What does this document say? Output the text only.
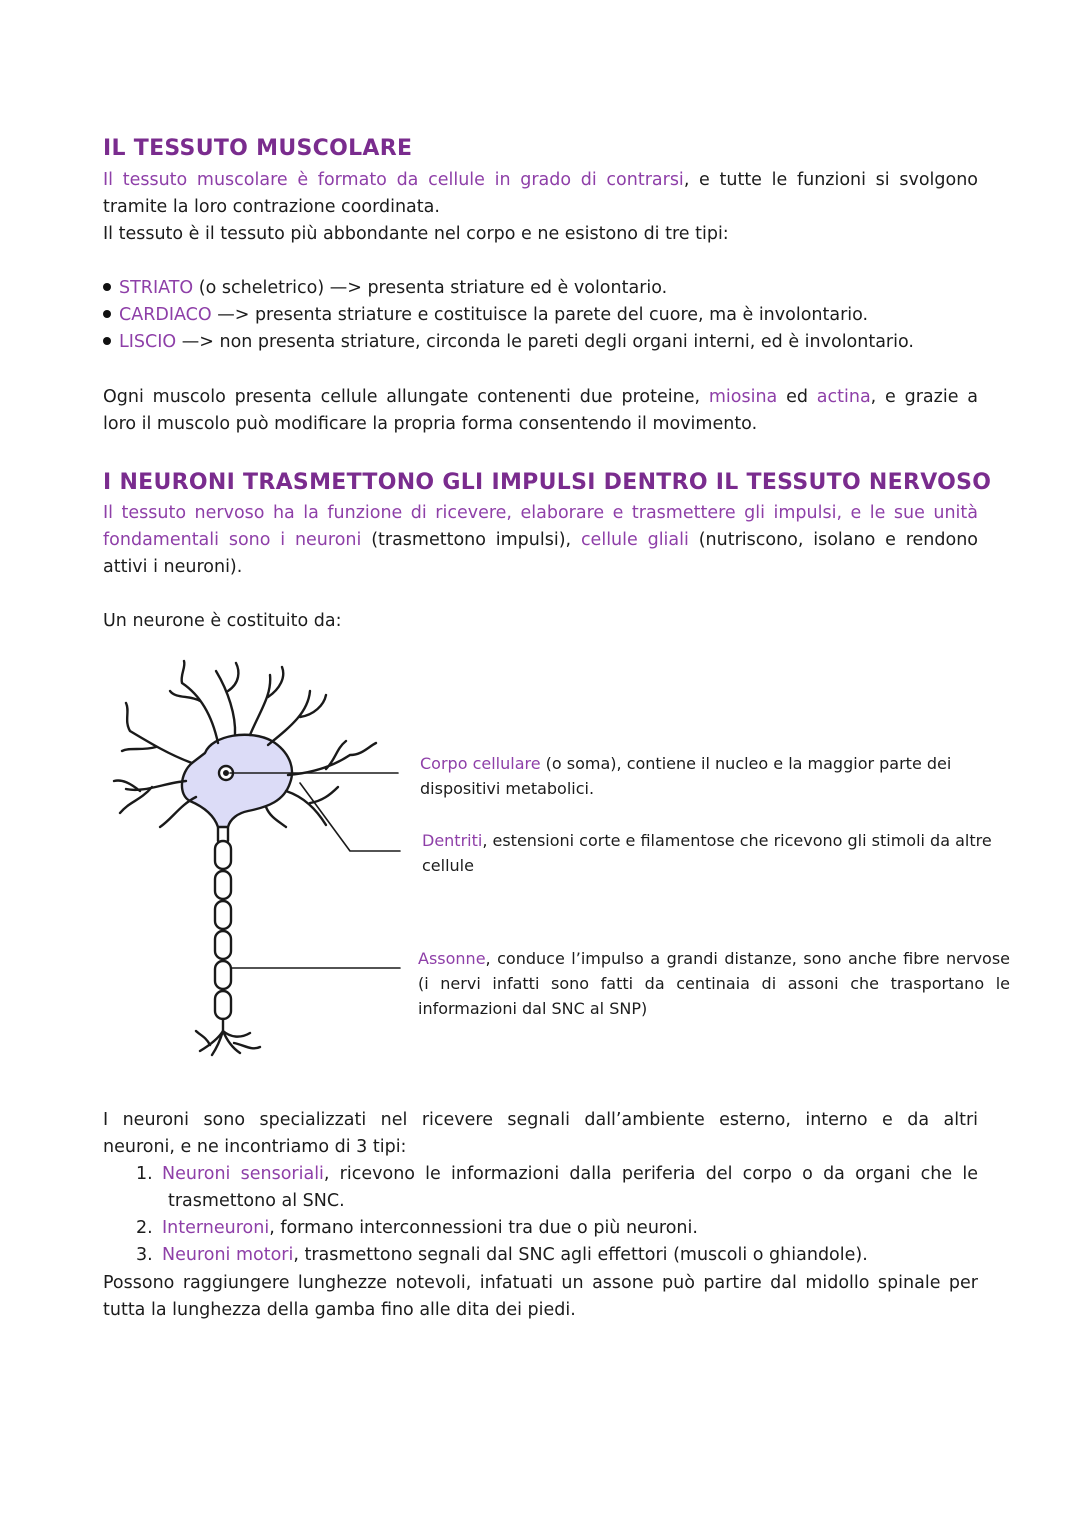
IL TESSUTO MUSCOLARE
Il tessuto muscolare è formato da cellule in grado di contrarsi, e tutte le funzioni si svolgono
tramite la loro contrazione coordinata.
Il tessuto è il tessuto più abbondante nel corpo e ne esistono di tre tipi:
STRIATO (o scheletrico) —> presenta striature ed è volontario.
CARDIACO —> presenta striature e costituisce la parete del cuore, ma è involontario.
LISCIO —> non presenta striature, circonda le pareti degli organi interni, ed è involontario.
Ogni muscolo presenta cellule allungate contenenti due proteine, miosina ed actina, e grazie a
loro il muscolo può modificare la propria forma consentendo il movimento.
I NEURONI TRASMETTONO GLI IMPULSI DENTRO IL TESSUTO NERVOSO
Il tessuto nervoso ha la funzione di ricevere, elaborare e trasmettere gli impulsi, e le sue unità
fondamentali sono i neuroni (trasmettono impulsi), cellule gliali (nutriscono, isolano e rendono
attivi i neuroni).
Un neurone è costituito da:
Corpo cellulare (o soma), contiene il nucleo e la maggior parte dei
dispositivi metabolici.
Dentriti, estensioni corte e filamentose che ricevono gli stimoli da altre
cellule
Assonne, conduce l’impulso a grandi distanze, sono anche fibre nervose
(i nervi infatti sono fatti da centinaia di assoni che trasportano le
informazioni dal SNC al SNP)
I neuroni sono specializzati nel ricevere segnali dall’ambiente esterno, interno e da altri
neuroni, e ne incontriamo di 3 tipi:
1. Neuroni sensoriali, ricevono le informazioni dalla periferia del corpo o da organi che le
trasmettono al SNC.
2. Interneuroni, formano interconnessioni tra due o più neuroni.
3. Neuroni motori, trasmettono segnali dal SNC agli effettori (muscoli o ghiandole).
Possono raggiungere lunghezze notevoli, infatuati un assone può partire dal midollo spinale per
tutta la lunghezza della gamba fino alle dita dei piedi.
